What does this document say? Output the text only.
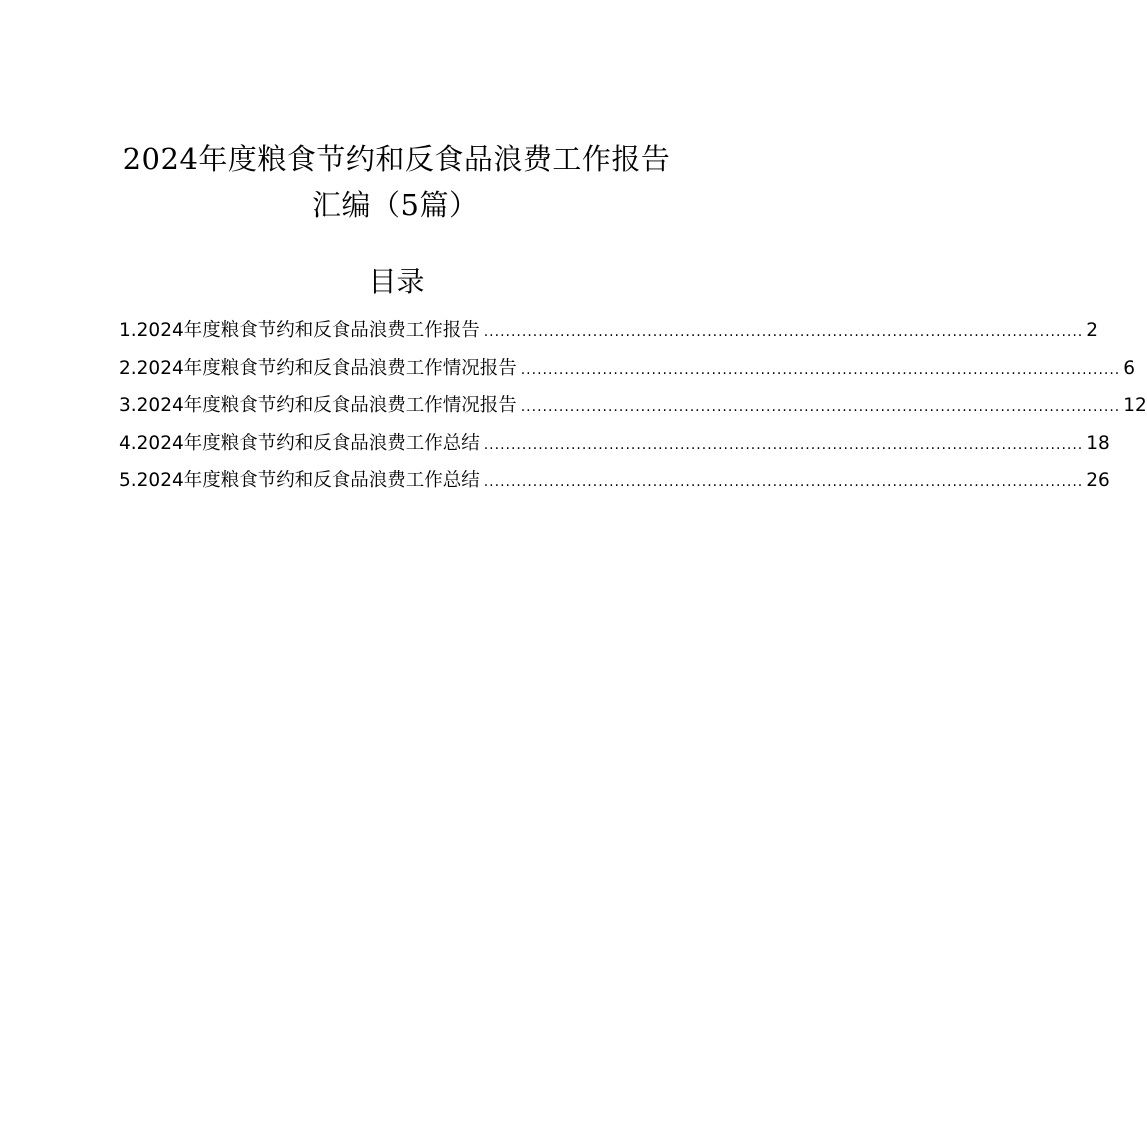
2024年度粮食节约和反食品浪费工作报告
汇编（5篇）
目录
1.2024年度粮食节约和反食品浪费工作报告 .............................................................................................................. 2
2.2024年度粮食节约和反食品浪费工作情况报告 .............................................................................................................. 6
3.2024年度粮食节约和反食品浪费工作情况报告 .............................................................................................................. 12
4.2024年度粮食节约和反食品浪费工作总结 .............................................................................................................. 18
5.2024年度粮食节约和反食品浪费工作总结 .............................................................................................................. 26
